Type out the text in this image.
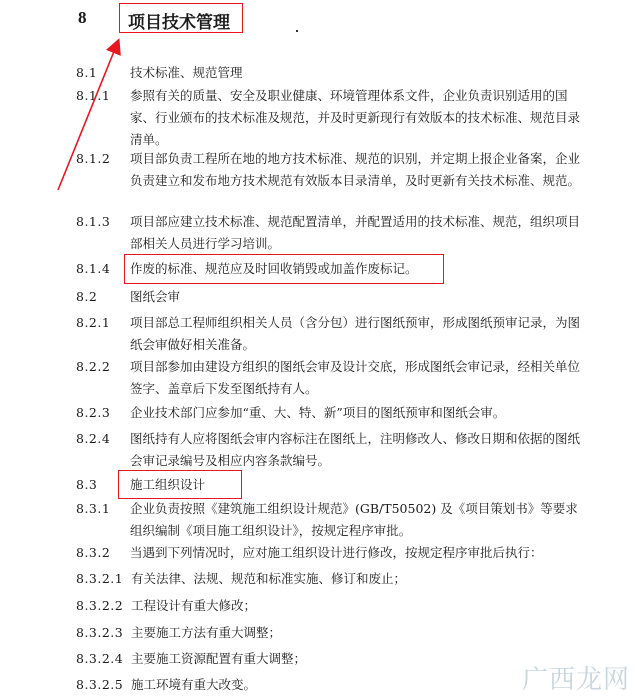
8 项目技术管理
8.1	技术标准、规范管理
8.1.1 参照有关的质量、安全及职业健康、环境管理体系文件，企业负责识别适用的国家、行业颁布的技术标准及规范，并及时更新现行有效版本的技术标准、规范目录清单。
8.1.2 项目部负责工程所在地的地方技术标准、规范的识别，并定期上报企业备案，企业负责建立和发布地方技术规范有效版本目录清单，及时更新有关技术标准、规范。
8.1.3 项目部应建立技术标准、规范配置清单，并配置适用的技术标准、规范，组织项目部相关人员进行学习培训。
8.1.4 作废的标准、规范应及时回收销毁或加盖作废标记。
8.2	图纸会审
8.2.1 项目部总工程师组织相关人员（含分包）进行图纸预审，形成图纸预审记录，为图纸会审做好相关准备。
8.2.2 项目部参加由建设方组织的图纸会审及设计交底，形成图纸会审记录，经相关单位签字、盖章后下发至图纸持有人。
8.2.3 企业技术部门应参加“重、大、特、新”项目的图纸预审和图纸会审。
8.2.4 图纸持有人应将图纸会审内容标注在图纸上，注明修改人、修改日期和依据的图纸会审记录编号及相应内容条款编号。
8.3	施工组织设计
8.3.1 企业负责按照《建筑施工组织设计规范》(GB/T50502) 及《项目策划书》等要求组织编制《项目施工组织设计》，按规定程序审批。
8.3.2 当遇到下列情况时，应对施工组织设计进行修改，按规定程序审批后执行：
8.3.2.1 有关法律、法规、规范和标准实施、修订和废止；
8.3.2.2 工程设计有重大修改；
8.3.2.3 主要施工方法有重大调整；
8.3.2.4 主要施工资源配置有重大调整；
8.3.2.5 施工环境有重大改变。	广西龙网
